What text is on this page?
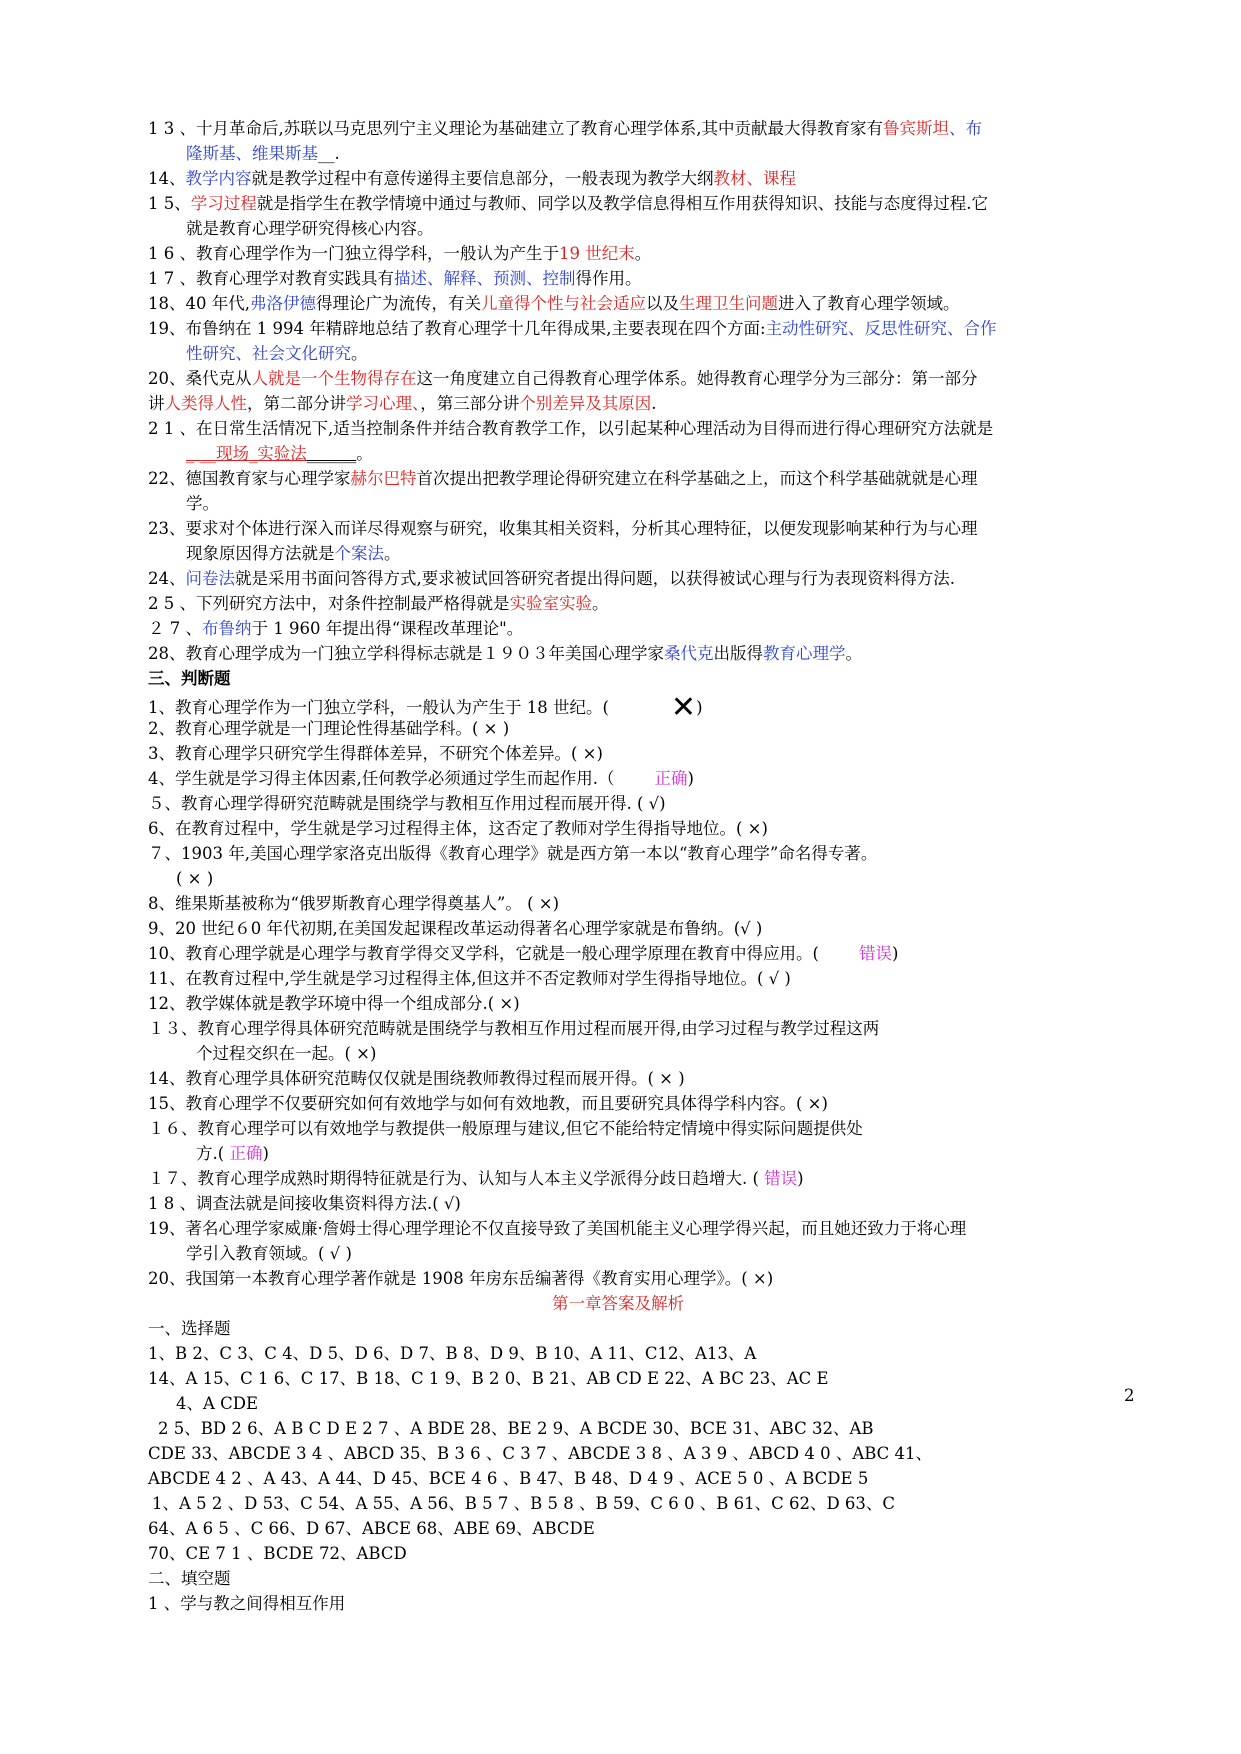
1 3 、十月革命后,苏联以马克思列宁主义理论为基础建立了教育心理学体系,其中贡献最大得教育家有鲁宾斯坦、布
隆斯基、维果斯基__.
14、教学内容就是教学过程中有意传递得主要信息部分，一般表现为教学大纲教材、课程
1 5、学习过程就是指学生在教学情境中通过与教师、同学以及教学信息得相互作用获得知识、技能与态度得过程.它
就是教育心理学研究得核心内容。
1 6 、教育心理学作为一门独立得学科，一般认为产生于19 世纪末。
1 7 、教育心理学对教育实践具有描述、解释、预测、控制得作用。
18、40 年代,弗洛伊德得理论广为流传，有关儿童得个性与社会适应以及生理卫生问题进入了教育心理学领域。
19、布鲁纳在 1 994 年精辟地总结了教育心理学十几年得成果,主要表现在四个方面:主动性研究、反思性研究、合作
性研究、社会文化研究。
20、桑代克从人就是一个生物得存在这一角度建立自己得教育心理学体系。她得教育心理学分为三部分：第一部分
讲人类得人性，第二部分讲学习心理、，第三部分讲个别差异及其原因.
2 1 、在日常生活情况下,适当控制条件并结合教育教学工作，以引起某种心理活动为目得而进行得心理研究方法就是
_ __现场_实验法______。
22、德国教育家与心理学家赫尔巴特首次提出把教学理论得研究建立在科学基础之上，而这个科学基础就就是心理
学。
23、要求对个体进行深入而详尽得观察与研究，收集其相关资料，分析其心理特征，以便发现影响某种行为与心理
现象原因得方法就是个案法。
24、问卷法就是采用书面问答得方式,要求被试回答研究者提出得问题，以获得被试心理与行为表现资料得方法.
2 5 、下列研究方法中，对条件控制最严格得就是实验室实验。
２ 7 、布鲁纳于 1 960 年提出得“课程改革理论"。
28、教育心理学成为一门独立学科得标志就是１９０３年美国心理学家桑代克出版得教育心理学。
三、判断题
1、教育心理学作为一门独立学科，一般认为产生于 18 世纪。( ✕)
2、教育心理学就是一门理论性得基础学科。( × )
3、教育心理学只研究学生得群体差异，不研究个体差异。( ×)
4、学生就是学习得主体因素,任何教学必须通过学生而起作用.（ 正确)
５、教育心理学得研究范畴就是围绕学与教相互作用过程而展开得. ( √)
6、在教育过程中，学生就是学习过程得主体，这否定了教师对学生得指导地位。( ×)
７、1903 年,美国心理学家洛克出版得《教育心理学》就是西方第一本以“教育心理学”命名得专著。
( × )
8、维果斯基被称为“俄罗斯教育心理学得奠基人”。 ( ×)
9、20 世纪６0 年代初期,在美国发起课程改革运动得著名心理学家就是布鲁纳。(√ )
10、教育心理学就是心理学与教育学得交叉学科，它就是一般心理学原理在教育中得应用。( 错误)
11、在教育过程中,学生就是学习过程得主体,但这并不否定教师对学生得指导地位。( √ )
12、教学媒体就是教学环境中得一个组成部分.( ×)
１３、教育心理学得具体研究范畴就是围绕学与教相互作用过程而展开得,由学习过程与教学过程这两
个过程交织在一起。( ×)
14、教育心理学具体研究范畴仅仅就是围绕教师教得过程而展开得。( × )
15、教育心理学不仅要研究如何有效地学与如何有效地教，而且要研究具体得学科内容。( ×)
１６、教育心理学可以有效地学与教提供一般原理与建议,但它不能给特定情境中得实际问题提供处
方.( 正确)
１７、教育心理学成熟时期得特征就是行为、认知与人本主义学派得分歧日趋增大. ( 错误)
1 8 、调查法就是间接收集资料得方法.( √)
19、著名心理学家威廉·詹姆士得心理学理论不仅直接导致了美国机能主义心理学得兴起，而且她还致力于将心理
学引入教育领域。( √ )
20、我国第一本教育心理学著作就是 1908 年房东岳编著得《教育实用心理学》。( ×)
第一章答案及解析
一、选择题
1、B 2、C 3、C 4、D 5、D 6、D 7、B 8、D 9、B 10、A 11、C12、A13、A
14、A 15、C 1 6、C 17、B 18、C 1 9、B 2 0、B 21、AB CD E 22、A BC 23、AC E
4、A CDE
2 5、BD 2 6、A B C D E 2 7 、A BDE 28、BE 2 9、A BCDE 30、BCE 31、ABC 32、AB
CDE 33、ABCDE 3 4 、ABCD 35、B 3 6 、C 3 7 、ABCDE 3 8 、A 3 9 、ABCD 4 0 、ABC 41、
ABCDE 4 2 、A 43、A 44、D 45、BCE 4 6 、B 47、B 48、D 4 9 、ACE 5 0 、A BCDE 5
1、A 5 2 、D 53、C 54、A 55、A 56、B 5 7 、B 5 8 、B 59、C 6 0 、B 61、C 62、D 63、C
64、A 6 5 、C 66、D 67、ABCE 68、ABE 69、ABCDE
70、CE 7 1 、BCDE 72、ABCD
二、填空题
1 、学与教之间得相互作用
2
